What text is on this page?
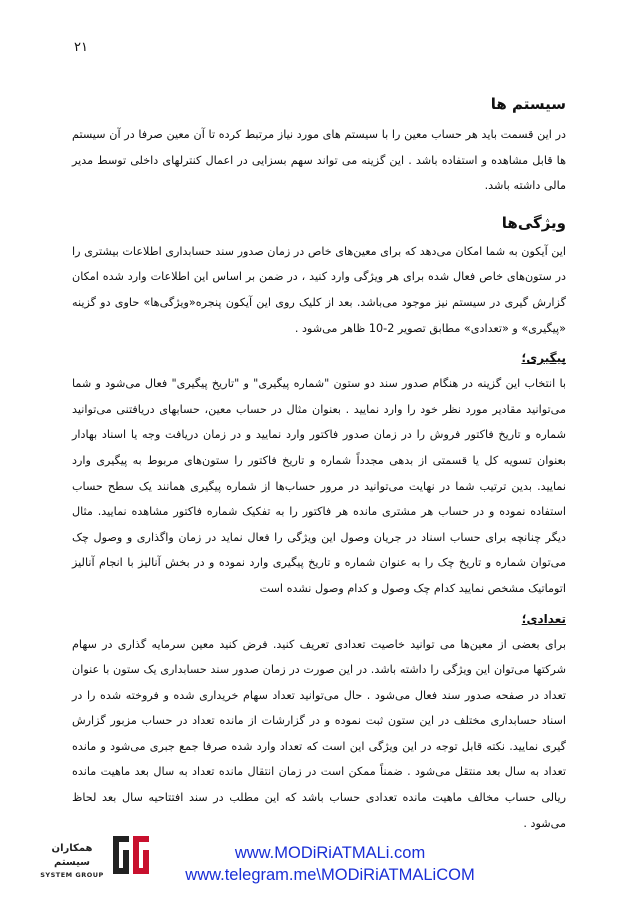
۲۱
سیستم ها

در این قسمت باید هر حساب معین را با سیستم های مورد نیاز مرتبط کرده تا آن معین صرفا در آن سیستم ها قابل مشاهده و استفاده باشد . این گزینه می تواند سهم بسزایی در اعمال کنترلهای داخلی توسط مدیر مالی داشته باشد.

ویژگی‌ها

این آیکون به شما امکان می‌دهد که برای معین‌های خاص در زمان صدور سند حسابداری اطلاعات بیشتری را در ستون‌های خاص فعال شده برای هر ویژگی وارد کنید ، در ضمن بر اساس این اطلاعات وارد شده امکان گزارش گیری در سیستم نیز موجود می‌باشد. بعد از کلیک روی این آیکون پنجره«ویژگی‌ها» حاوی دو گزینه «پیگیری» و «تعدادی» مطابق تصویر 2-10 ظاهر می‌شود .

پیگیری؛

با انتخاب این گزینه در هنگام صدور سند دو ستون "شماره پیگیری" و "تاریخ پیگیری" فعال می‌شود و شما می‌توانید مقادیر مورد نظر خود را وارد نمایید . بعنوان مثال در حساب معین، حسابهای دریافتنی می‌توانید شماره و تاریخ فاکتور فروش را در زمان صدور فاکتور وارد نمایید و در زمان دریافت وجه یا اسناد بهادار بعنوان تسویه کل یا قسمتی از بدهی مجدداً شماره و تاریخ فاکتور را ستون‌های مربوط به پیگیری وارد نمایید. بدین ترتیب شما در نهایت می‌توانید در مرور حساب‌ها از شماره پیگیری همانند یک سطح حساب استفاده نموده و در حساب هر مشتری مانده هر فاکتور را به تفکیک شماره فاکتور مشاهده نمایید. مثال دیگر چنانچه برای حساب اسناد در جریان وصول این ویژگی را فعال نماید در زمان واگذاری و وصول چک می‌توان شماره و تاریخ چک را به عنوان شماره و تاریخ پیگیری وارد نموده و در بخش آنالیز با انجام آنالیز اتوماتیک مشخص نمایید کدام چک وصول و کدام وصول نشده است

تعدادی؛

برای بعضی از معین‌ها می توانید خاصیت تعدادی تعریف کنید. فرض کنید معین سرمایه گذاری در سهام شرکتها می‌توان این ویژگی را داشته باشد. در این صورت در زمان صدور سند حسابداری یک ستون با عنوان تعداد در صفحه صدور سند فعال می‌شود . حال می‌توانید تعداد سهام خریداری شده و فروخته شده را در اسناد حسابداری مختلف در این ستون ثبت نموده و در گزارشات از مانده تعداد در حساب مزبور گزارش گیری نمایید. نکته قابل توجه در این ویژگی این است که تعداد وارد شده صرفا جمع جبری می‌شود و مانده تعداد به سال بعد منتقل می‌شود . ضمناً ممکن است در زمان انتقال مانده تعداد به سال بعد ماهیت مانده ریالی حساب مخالف ماهیت مانده تعدادی حساب باشد که این مطلب در سند افتتاحیه سال بعد لحاظ می‌شود .

همکاران سیستم
SYSTEM GROUP
www.MODiRiATMALi.com
www.telegram.me\MODiRiATMALiCOM
